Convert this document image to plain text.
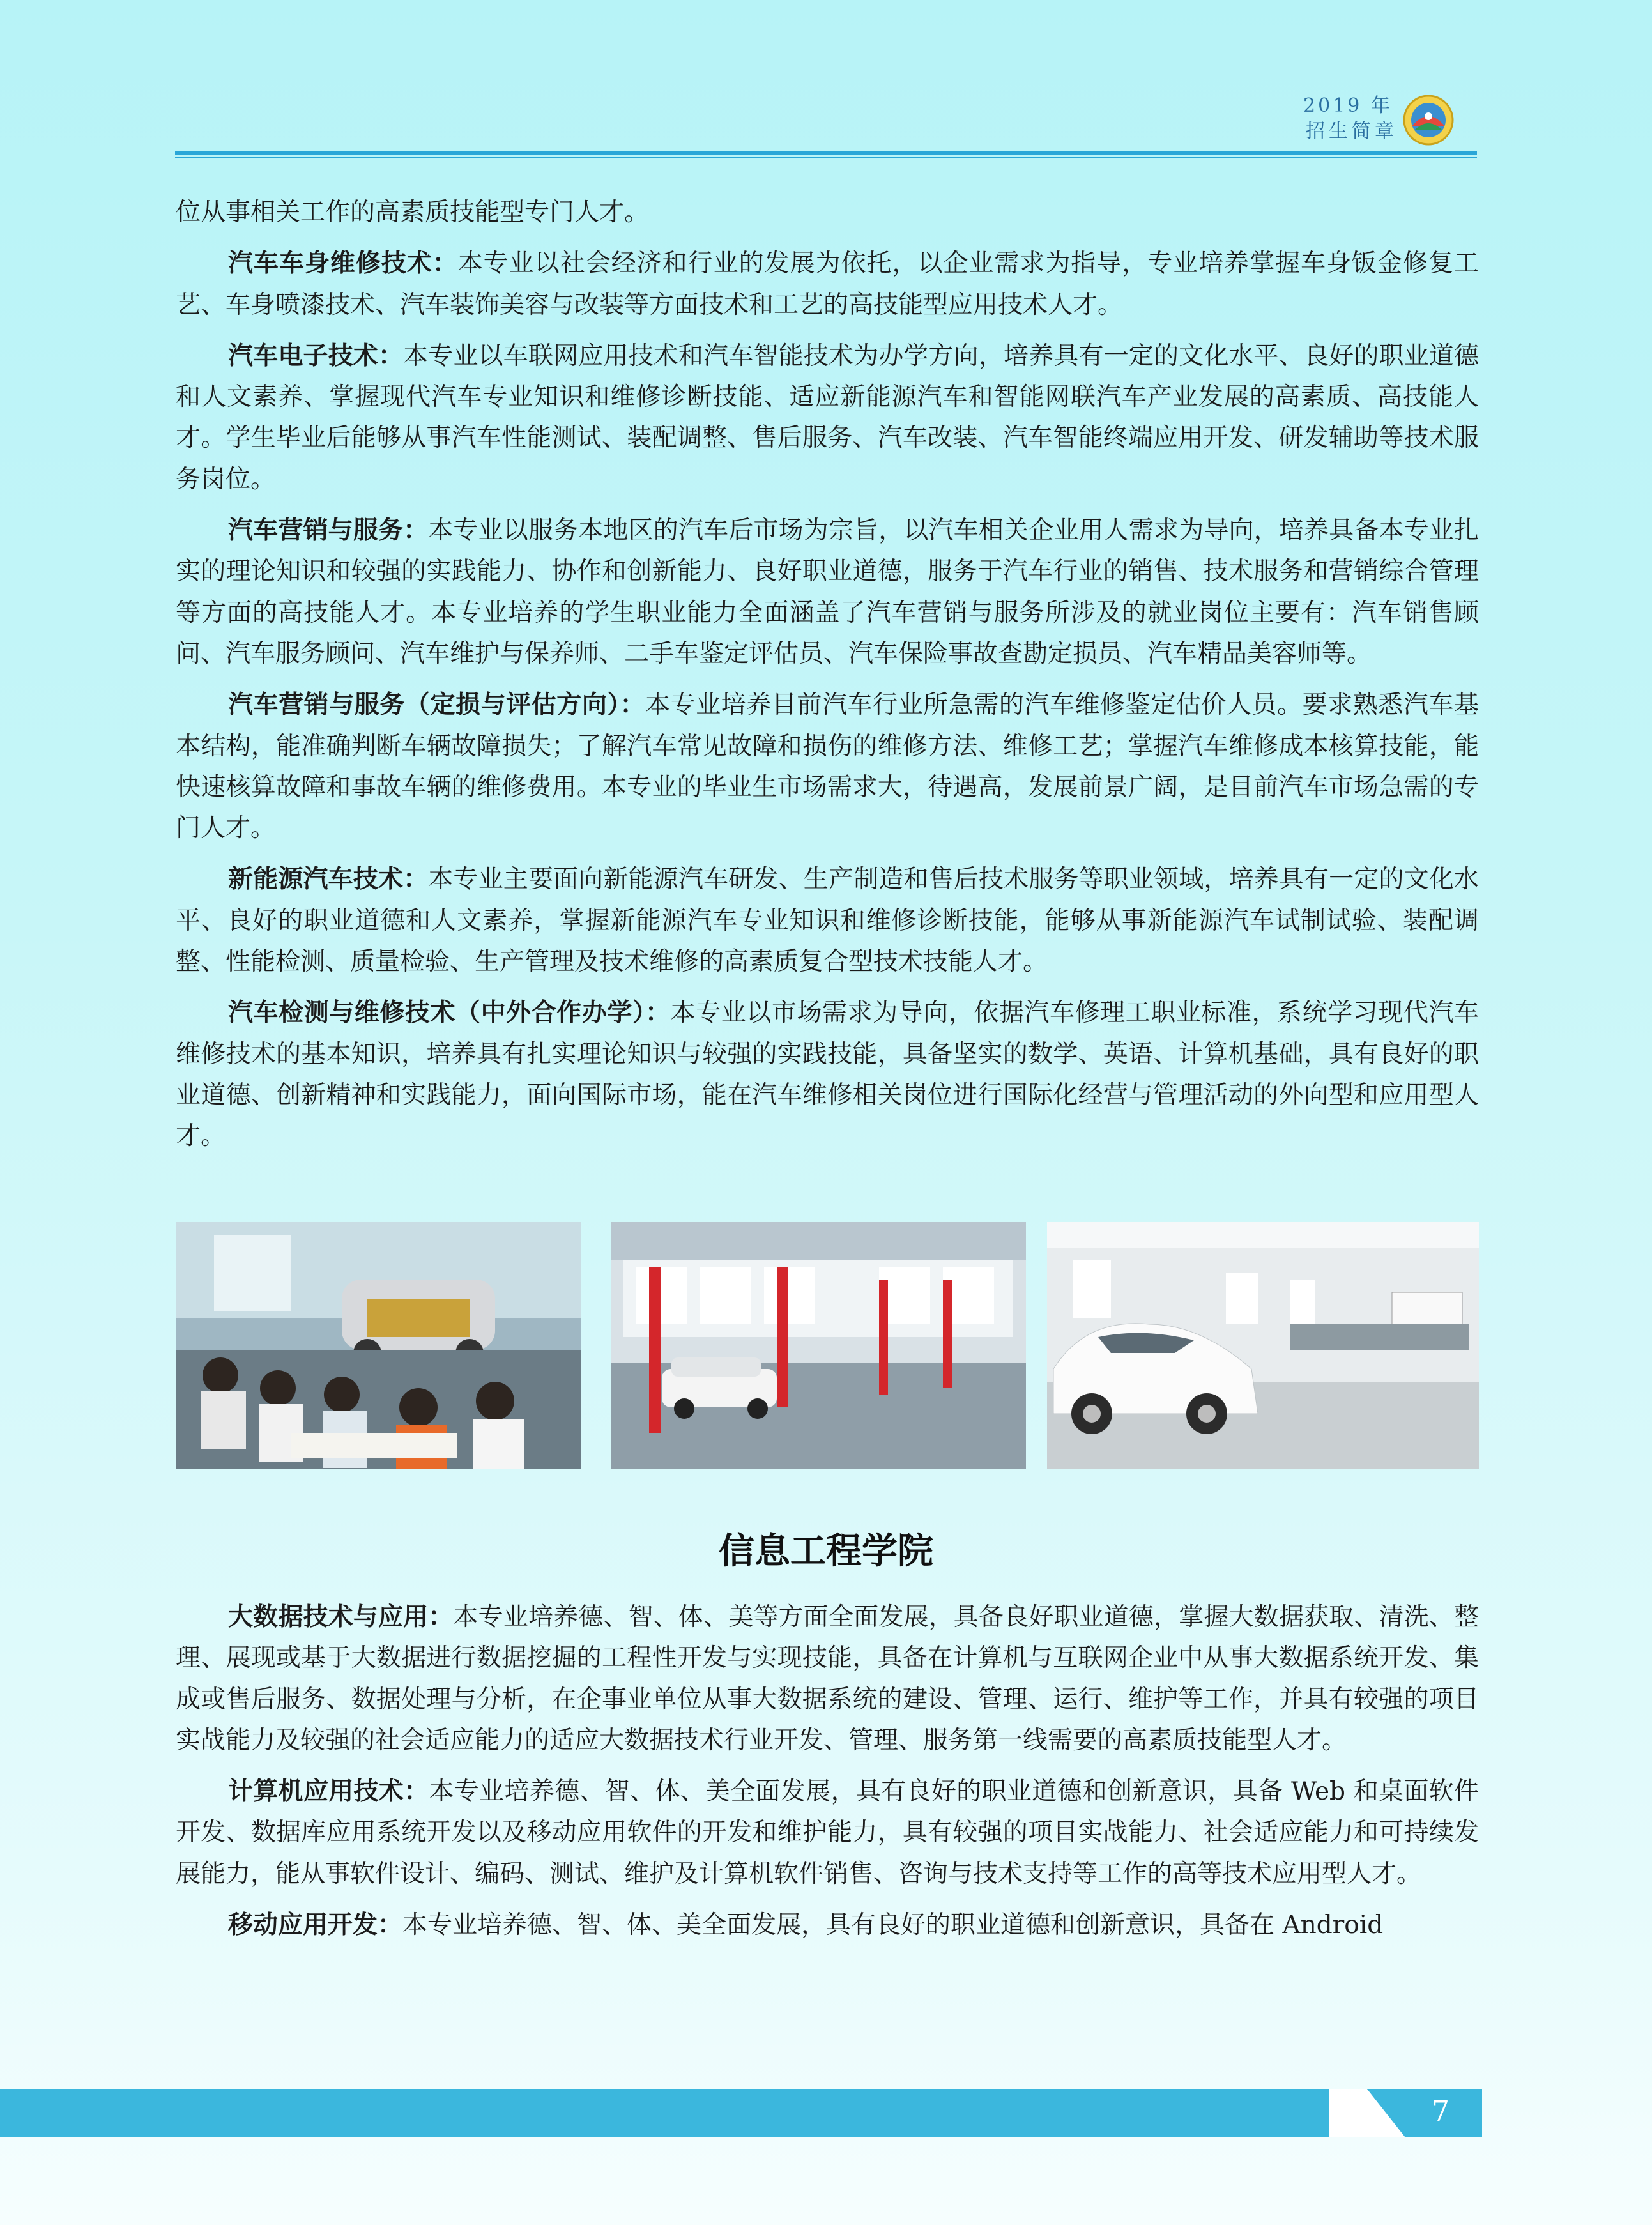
2019 年
招生简章

位从事相关工作的高素质技能型专门人才。

汽车车身维修技术：本专业以社会经济和行业的发展为依托，以企业需求为指导，专业培养掌握车身钣金修复工艺、车身喷漆技术、汽车装饰美容与改装等方面技术和工艺的高技能型应用技术人才。

汽车电子技术：本专业以车联网应用技术和汽车智能技术为办学方向，培养具有一定的文化水平、良好的职业道德和人文素养、掌握现代汽车专业知识和维修诊断技能、适应新能源汽车和智能网联汽车产业发展的高素质、高技能人才。学生毕业后能够从事汽车性能测试、装配调整、售后服务、汽车改装、汽车智能终端应用开发、研发辅助等技术服务岗位。

汽车营销与服务：本专业以服务本地区的汽车后市场为宗旨，以汽车相关企业用人需求为导向，培养具备本专业扎实的理论知识和较强的实践能力、协作和创新能力、良好职业道德，服务于汽车行业的销售、技术服务和营销综合管理等方面的高技能人才。本专业培养的学生职业能力全面涵盖了汽车营销与服务所涉及的就业岗位主要有：汽车销售顾问、汽车服务顾问、汽车维护与保养师、二手车鉴定评估员、汽车保险事故查勘定损员、汽车精品美容师等。

汽车营销与服务（定损与评估方向）：本专业培养目前汽车行业所急需的汽车维修鉴定估价人员。要求熟悉汽车基本结构，能准确判断车辆故障损失；了解汽车常见故障和损伤的维修方法、维修工艺；掌握汽车维修成本核算技能，能快速核算故障和事故车辆的维修费用。本专业的毕业生市场需求大，待遇高，发展前景广阔，是目前汽车市场急需的专门人才。

新能源汽车技术：本专业主要面向新能源汽车研发、生产制造和售后技术服务等职业领域，培养具有一定的文化水平、良好的职业道德和人文素养，掌握新能源汽车专业知识和维修诊断技能，能够从事新能源汽车试制试验、装配调整、性能检测、质量检验、生产管理及技术维修的高素质复合型技术技能人才。

汽车检测与维修技术（中外合作办学）：本专业以市场需求为导向，依据汽车修理工职业标准，系统学习现代汽车维修技术的基本知识，培养具有扎实理论知识与较强的实践技能，具备坚实的数学、英语、计算机基础，具有良好的职业道德、创新精神和实践能力，面向国际市场，能在汽车维修相关岗位进行国际化经营与管理活动的外向型和应用型人才。

信息工程学院

大数据技术与应用：本专业培养德、智、体、美等方面全面发展，具备良好职业道德，掌握大数据获取、清洗、整理、展现或基于大数据进行数据挖掘的工程性开发与实现技能，具备在计算机与互联网企业中从事大数据系统开发、集成或售后服务、数据处理与分析，在企事业单位从事大数据系统的建设、管理、运行、维护等工作，并具有较强的项目实战能力及较强的社会适应能力的适应大数据技术行业开发、管理、服务第一线需要的高素质技能型人才。

计算机应用技术：本专业培养德、智、体、美全面发展，具有良好的职业道德和创新意识，具备 Web 和桌面软件开发、数据库应用系统开发以及移动应用软件的开发和维护能力，具有较强的项目实战能力、社会适应能力和可持续发展能力，能从事软件设计、编码、测试、维护及计算机软件销售、咨询与技术支持等工作的高等技术应用型人才。

移动应用开发：本专业培养德、智、体、美全面发展，具有良好的职业道德和创新意识，具备在 Android

7
